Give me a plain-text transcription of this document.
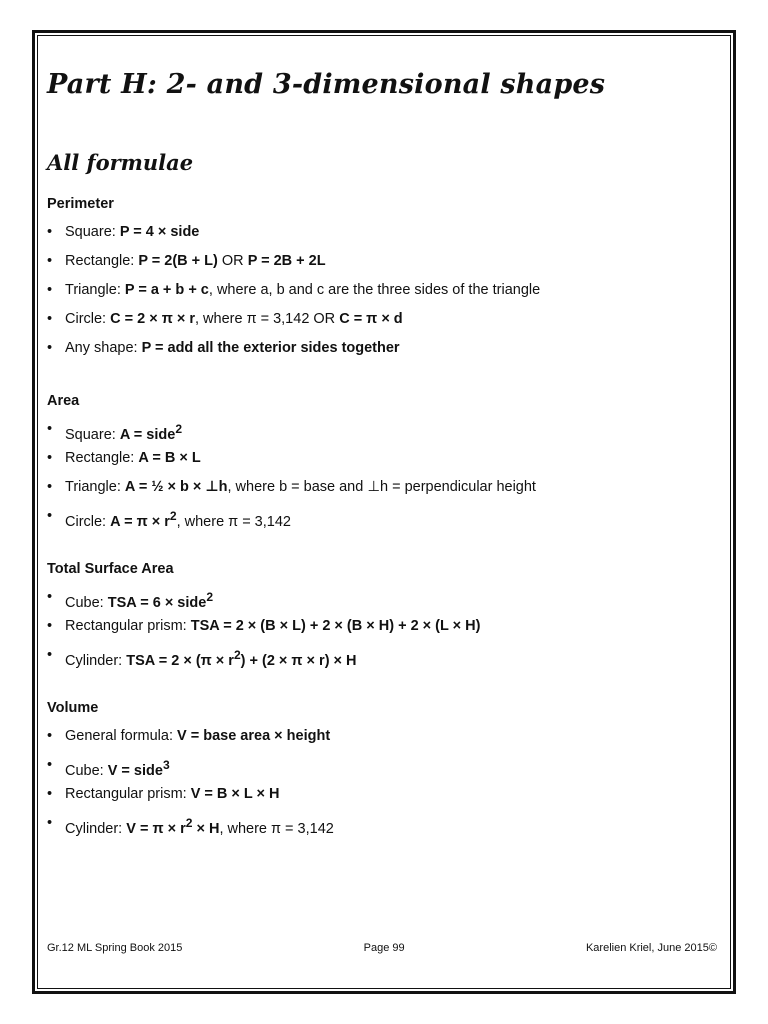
Part H: 2- and 3-dimensional shapes
All formulae
Perimeter
• Square: P = 4 × side
• Rectangle: P = 2(B + L) OR P = 2B + 2L
• Triangle: P = a + b + c, where a, b and c are the three sides of the triangle
• Circle: C = 2 × π × r, where π = 3,142 OR C = π × d
• Any shape: P = add all the exterior sides together
Area
• Square: A = side$^2$
• Rectangle: A = B × L
• Triangle: A = ½ × b × ⊥h, where b = base and ⊥h = perpendicular height
• Circle: $A = \pi \times r^2$, where π = 3,142
Total Surface Area
• Cube: TSA = 6 × side$^2$
• Rectangular prism: TSA = 2 × (B × L) + 2 × (B × H) + 2 × (L × H)
• Cylinder: TSA = $2 \times (\pi \times r^2) + (2 \times \pi \times r) \times H$
Volume
• General formula: V = base area × height
• Cube: V = side$^3$
• Rectangular prism: V = B × L × H
• Cylinder: $V = \pi \times r^2 \times H$, where π = 3,142
Gr.12 ML Spring Book 2015	Page 99	Karelien Kriel, June 2015©
